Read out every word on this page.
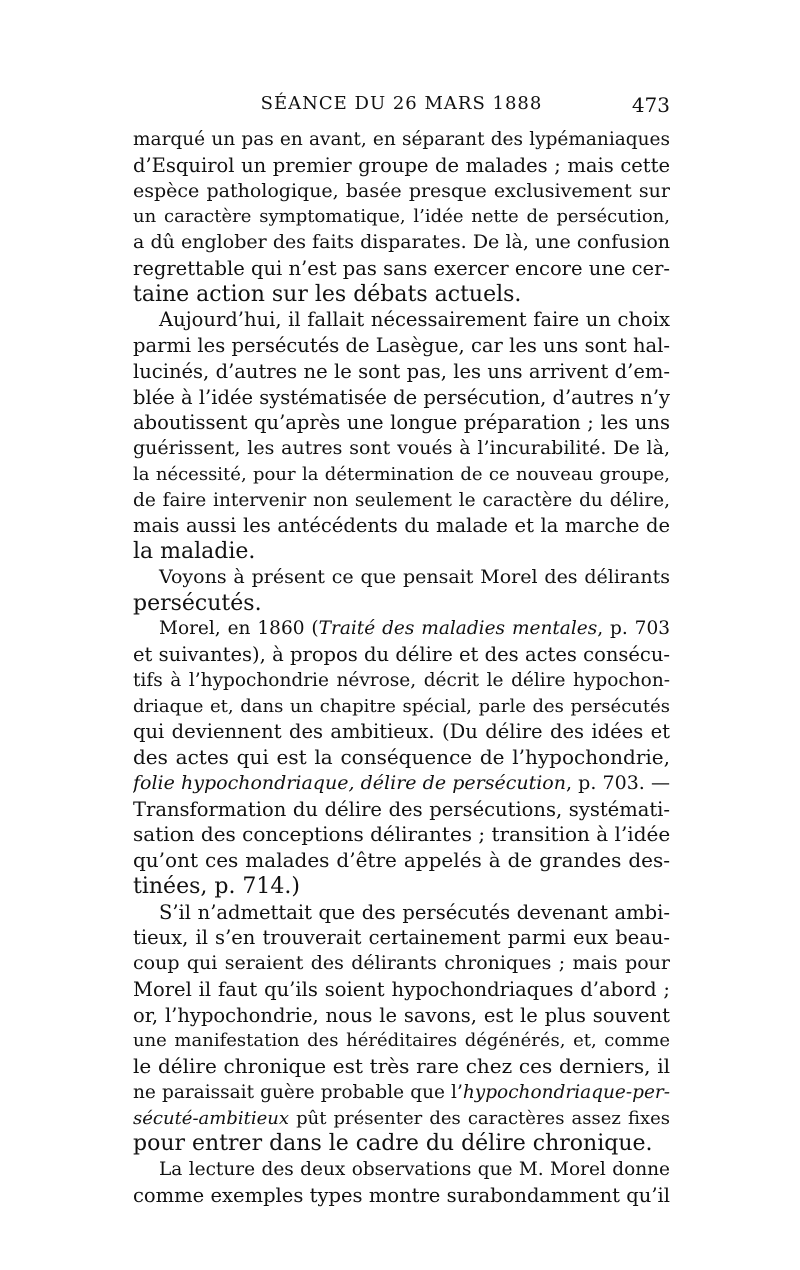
SÉANCE DU 26 MARS 1888	473
marqué un pas en avant, en séparant des lypémaniaques
d’Esquirol un premier groupe de malades ; mais cette
espèce pathologique, basée presque exclusivement sur
un caractère symptomatique, l’idée nette de persécution,
a dû englober des faits disparates. De là, une confusion
regrettable qui n’est pas sans exercer encore une cer-
taine action sur les débats actuels.
Aujourd’hui, il fallait nécessairement faire un choix
parmi les persécutés de Lasègue, car les uns sont hal-
lucinés, d’autres ne le sont pas, les uns arrivent d’em-
blée à l’idée systématisée de persécution, d’autres n’y
aboutissent qu’après une longue préparation ; les uns
guérissent, les autres sont voués à l’incurabilité. De là,
la nécessité, pour la détermination de ce nouveau groupe,
de faire intervenir non seulement le caractère du délire,
mais aussi les antécédents du malade et la marche de
la maladie.
Voyons à présent ce que pensait Morel des délirants
persécutés.
Morel, en 1860 (Traité des maladies mentales, p. 703
et suivantes), à propos du délire et des actes consécu-
tifs à l’hypochondrie névrose, décrit le délire hypochon-
driaque et, dans un chapitre spécial, parle des persécutés
qui deviennent des ambitieux. (Du délire des idées et
des actes qui est la conséquence de l’hypochondrie,
folie hypochondriaque, délire de persécution, p. 703. —
Transformation du délire des persécutions, systémati-
sation des conceptions délirantes ; transition à l’idée
qu’ont ces malades d’être appelés à de grandes des-
tinées, p. 714.)
S’il n’admettait que des persécutés devenant ambi-
tieux, il s’en trouverait certainement parmi eux beau-
coup qui seraient des délirants chroniques ; mais pour
Morel il faut qu’ils soient hypochondriaques d’abord ;
or, l’hypochondrie, nous le savons, est le plus souvent
une manifestation des héréditaires dégénérés, et, comme
le délire chronique est très rare chez ces derniers, il
ne paraissait guère probable que l’hypochondriaque-per-
sécuté-ambitieux pût présenter des caractères assez fixes
pour entrer dans le cadre du délire chronique.
La lecture des deux observations que M. Morel donne
comme exemples types montre surabondamment qu’il
